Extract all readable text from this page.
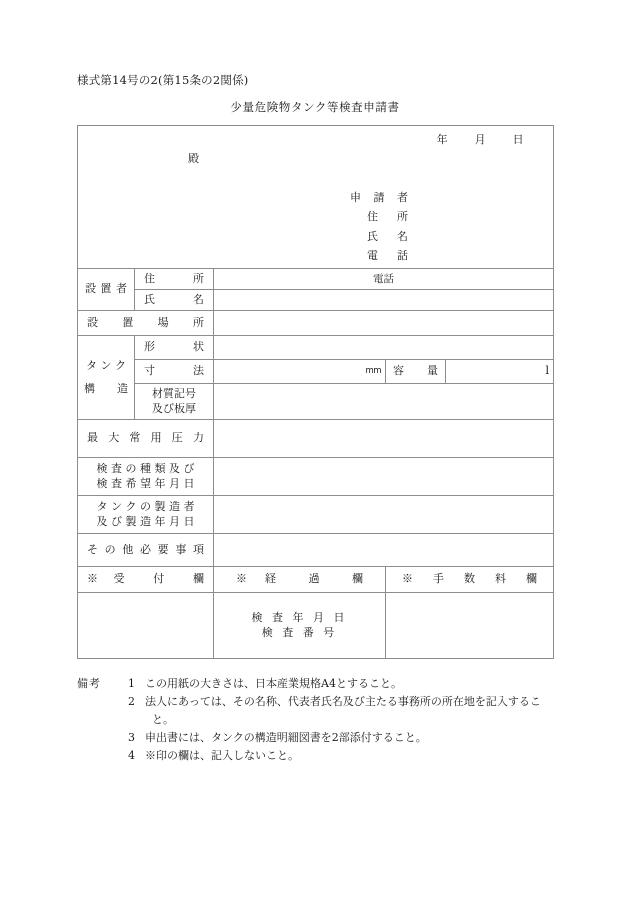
様式第14号の2(第15条の2関係)
少量危険物タンク等検査申請書
年 月 日
殿
申 請 者
住　所
氏　名
電　話

設 置 者	住　　所	電話		

	氏　　名			

設　置　場　所				

タ ン ク
構　　造	形　　状			

	寸　　法	mm	容　　量	l

	材質記号
及び板厚			

最 大 常 用 圧 力				

検 査 の 種 類 及 び
検 査 希 望 年 月 日				

タ ン ク の 製 造 者
及 び 製 造 年 月 日				

そ の 他 必 要 事 項				

※　受　　付　　欄		※　経　　過　　欄	※　手　数　料　欄	

		検 査 年 月 日
検 査 番 号		

備考	1 この用紙の大きさは、日本産業規格A4とすること。
2 法人にあっては、その名称、代表者氏名及び主たる事務所の所在地を記入するこ
と。
3 申出書には、タンクの構造明細図書を2部添付すること。
4 ※印の欄は、記入しないこと。
